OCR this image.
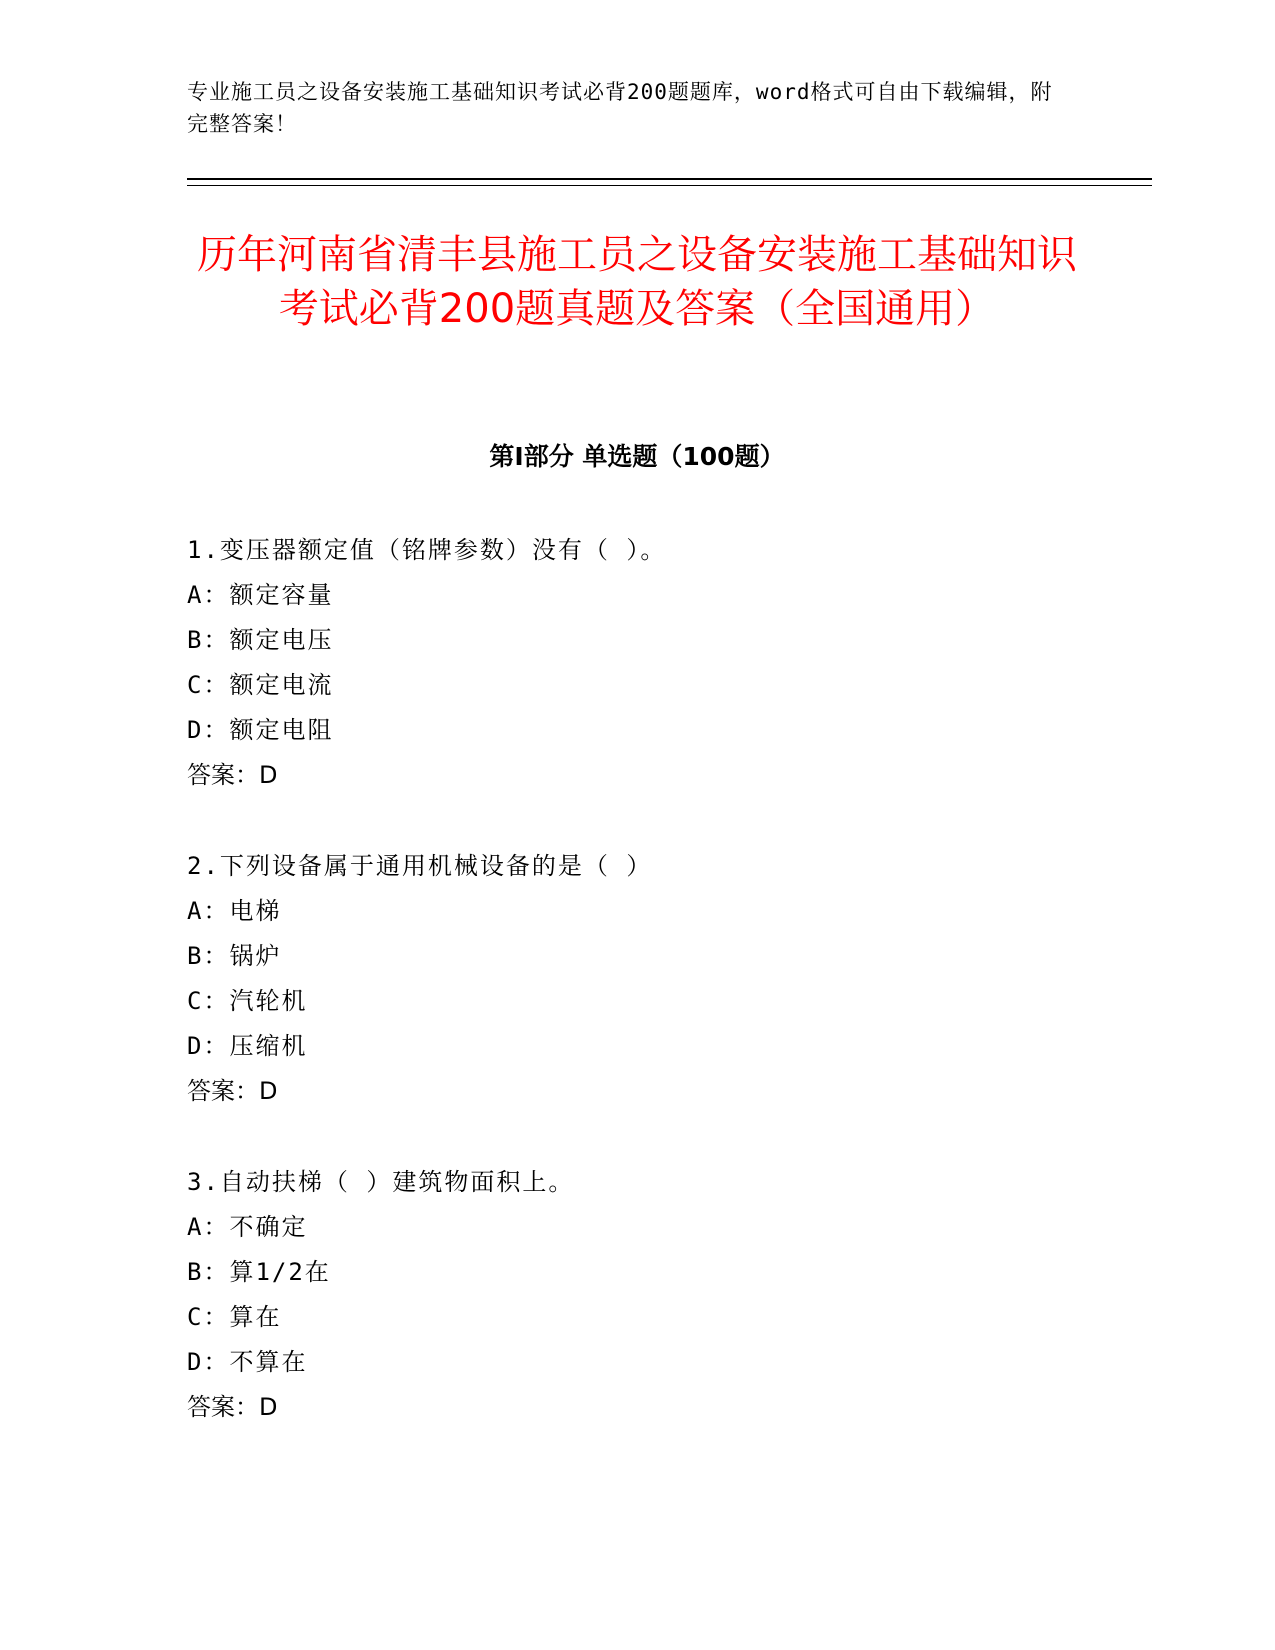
专业施工员之设备安装施工基础知识考试必背200题题库，word格式可自由下载编辑，附完整答案！
历年河南省清丰县施工员之设备安装施工基础知识考试必背200题真题及答案（全国通用）
第Ⅰ部分 单选题（100题）
1.变压器额定值（铭牌参数）没有（ ）。
A：额定容量
B：额定电压
C：额定电流
D：额定电阻
答案：D
2.下列设备属于通用机械设备的是（ ）
A：电梯
B：锅炉
C：汽轮机
D：压缩机
答案：D
3.自动扶梯（ ）建筑物面积上。
A：不确定
B：算1/2在
C：算在
D：不算在
答案：D
